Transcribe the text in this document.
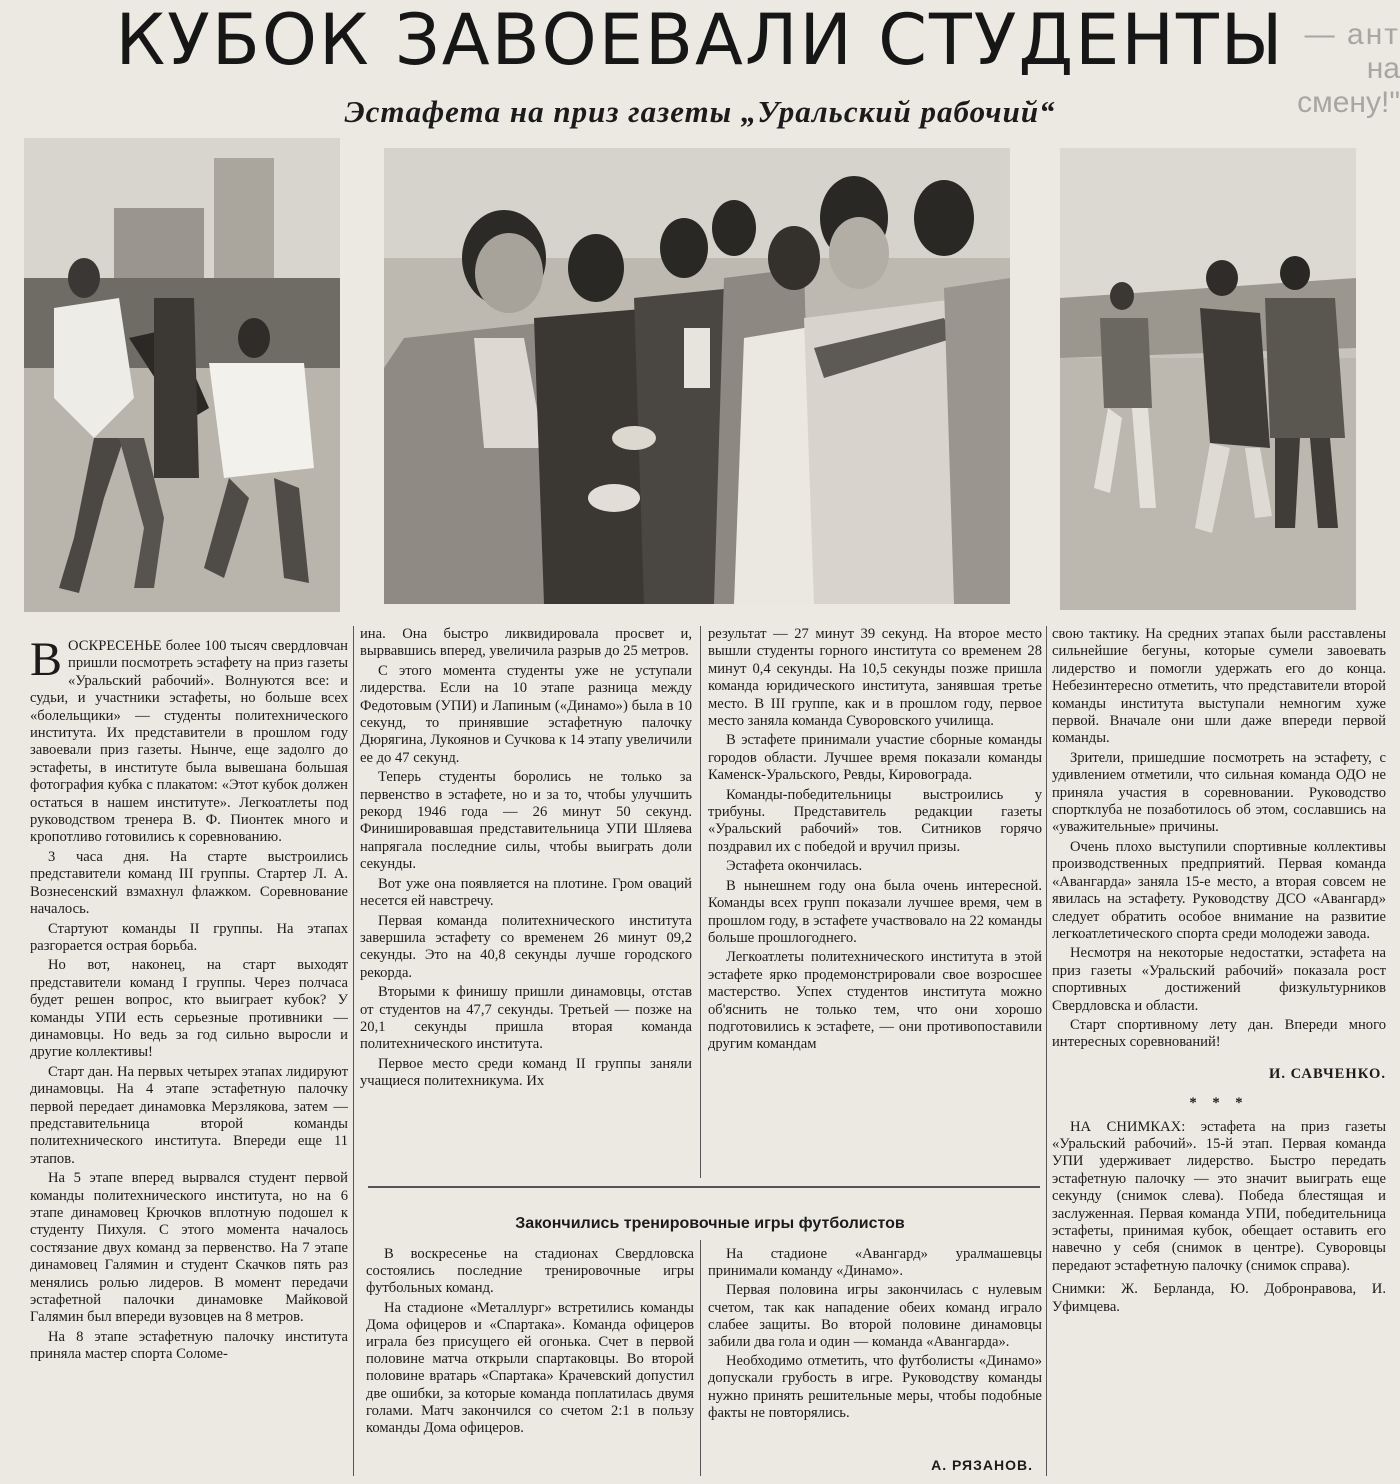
КУБОК ЗАВОЕВАЛИ СТУДЕНТЫ
Эстафета на приз газеты „Уральский рабочий“
— ант
на смену!"

ВОСКРЕСЕНЬЕ более 100 тысяч свердловчан пришли посмотреть эстафету на приз газеты «Уральский рабочий». Волнуются все: и судьи, и участники эстафеты, но больше всех «болельщики» — студенты политехнического института. Их представители в прошлом году завоевали приз газеты. Нынче, еще задолго до эстафеты, в институте была вывешана большая фотография кубка с плакатом: «Этот кубок должен остаться в нашем институте». Легкоатлеты под руководством тренера В. Ф. Пионтек много и кропотливо готовились к соревнованию.

3 часа дня. На старте выстроились представители команд III группы. Стартер Л. А. Вознесенский взмахнул флажком. Соревнование началось.

Стартуют команды II группы. На этапах разгорается острая борьба.

Но вот, наконец, на старт выходят представители команд I группы. Через полчаса будет решен вопрос, кто выиграет кубок? У команды УПИ есть серьезные противники — динамовцы. Но ведь за год сильно выросли и другие коллективы!

Старт дан. На первых четырех этапах лидируют динамовцы. На 4 этапе эстафетную палочку первой передает динамовка Мерзлякова, затем — представительница второй команды политехнического института. Впереди еще 11 этапов.

На 5 этапе вперед вырвался студент первой команды политехнического института, но на 6 этапе динамовец Крючков вплотную подошел к студенту Пихуля. С этого момента началось состязание двух команд за первенство. На 7 этапе динамовец Галямин и студент Скачков пять раз менялись ролью лидеров. В момент передачи эстафетной палочки динамовке Майковой Галямин был впереди вузовцев на 8 метров.

На 8 этапе эстафетную палочку института приняла мастер спорта Соломе-

ина. Она быстро ликвидировала просвет и, вырвавшись вперед, увеличила разрыв до 25 метров.

С этого момента студенты уже не уступали лидерства. Если на 10 этапе разница между Федотовым (УПИ) и Лапиным («Динамо») была в 10 секунд, то принявшие эстафетную палочку Дюрягина, Лукоянов и Сучкова к 14 этапу увеличили ее до 47 секунд.

Теперь студенты боролись не только за первенство в эстафете, но и за то, чтобы улучшить рекорд 1946 года — 26 минут 50 секунд. Финишировавшая представительница УПИ Шляева напрягала последние силы, чтобы выиграть доли секунды.

Вот уже она появляется на плотине. Гром оваций несется ей навстречу.

Первая команда политехнического института завершила эстафету со временем 26 минут 09,2 секунды. Это на 40,8 секунды лучше городского рекорда.

Вторыми к финишу пришли динамовцы, отстав от студентов на 47,7 секунды. Третьей — позже на 20,1 секунды пришла вторая команда политехнического института.

Первое место среди команд II группы заняли учащиеся политехникума. Их

результат — 27 минут 39 секунд. На второе место вышли студенты горного института со временем 28 минут 0,4 секунды. На 10,5 секунды позже пришла команда юридического института, занявшая третье место. В III группе, как и в прошлом году, первое место заняла команда Суворовского училища.

В эстафете принимали участие сборные команды городов области. Лучшее время показали команды Каменск-Уральского, Ревды, Кировограда.

Команды-победительницы выстроились у трибуны. Представитель редакции газеты «Уральский рабочий» тов. Ситников горячо поздравил их с победой и вручил призы.

Эстафета окончилась.

В нынешнем году она была очень интересной. Команды всех групп показали лучшее время, чем в прошлом году, в эстафете участвовало на 22 команды больше прошлогоднего.

Легкоатлеты политехнического института в этой эстафете ярко продемонстрировали свое возросшее мастерство. Успех студентов института можно об'яснить не только тем, что они хорошо подготовились к эстафете, — они противопоставили другим командам

свою тактику. На средних этапах были расставлены сильнейшие бегуны, которые сумели завоевать лидерство и помогли удержать его до конца. Небезинтересно отметить, что представители второй команды института выступали немногим хуже первой. Вначале они шли даже впереди первой команды.

Зрители, пришедшие посмотреть на эстафету, с удивлением отметили, что сильная команда ОДО не приняла участия в соревновании. Руководство спортклуба не позаботилось об этом, сославшись на «уважительные» причины.

Очень плохо выступили спортивные коллективы производственных предприятий. Первая команда «Авангарда» заняла 15-е место, а вторая совсем не явилась на эстафету. Руководству ДСО «Авангард» следует обратить особое внимание на развитие легкоатлетического спорта среди молодежи завода.

Несмотря на некоторые недостатки, эстафета на приз газеты «Уральский рабочий» показала рост спортивных достижений физкультурников Свердловска и области.

Старт спортивному лету дан. Впереди много интересных соревнований!

И. САВЧЕНКО.

* * *

НА СНИМКАХ: эстафета на приз газеты «Уральский рабочий». 15-й этап. Первая команда УПИ удерживает лидерство. Быстро передать эстафетную палочку — это значит выиграть еще секунду (снимок слева). Победа блестящая и заслуженная. Первая команда УПИ, победительница эстафеты, принимая кубок, обещает оставить его навечно у себя (снимок в центре). Суворовцы передают эстафетную палочку (снимок справа).

Снимки: Ж. Берланда, Ю. Добронравова, И. Уфимцева.

Закончились тренировочные игры футболистов

В воскресенье на стадионах Свердловска состоялись последние тренировочные игры футбольных команд.

На стадионе «Металлург» встретились команды Дома офицеров и «Спартака». Команда офицеров играла без присущего ей огонька. Счет в первой половине матча открыли спартаковцы. Во второй половине вратарь «Спартака» Крачевский допустил две ошибки, за которые команда поплатилась двумя голами. Матч закончился со счетом 2:1 в пользу команды Дома офицеров.

На стадионе «Авангард» уралмашевцы принимали команду «Динамо».

Первая половина игры закончилась с нулевым счетом, так как нападение обеих команд играло слабее защиты. Во второй половине динамовцы забили два гола и один — команда «Авангарда».

Необходимо отметить, что футболисты «Динамо» допускали грубость в игре. Руководству команды нужно принять решительные меры, чтобы подобные факты не повторялись.

А. РЯЗАНОВ.
